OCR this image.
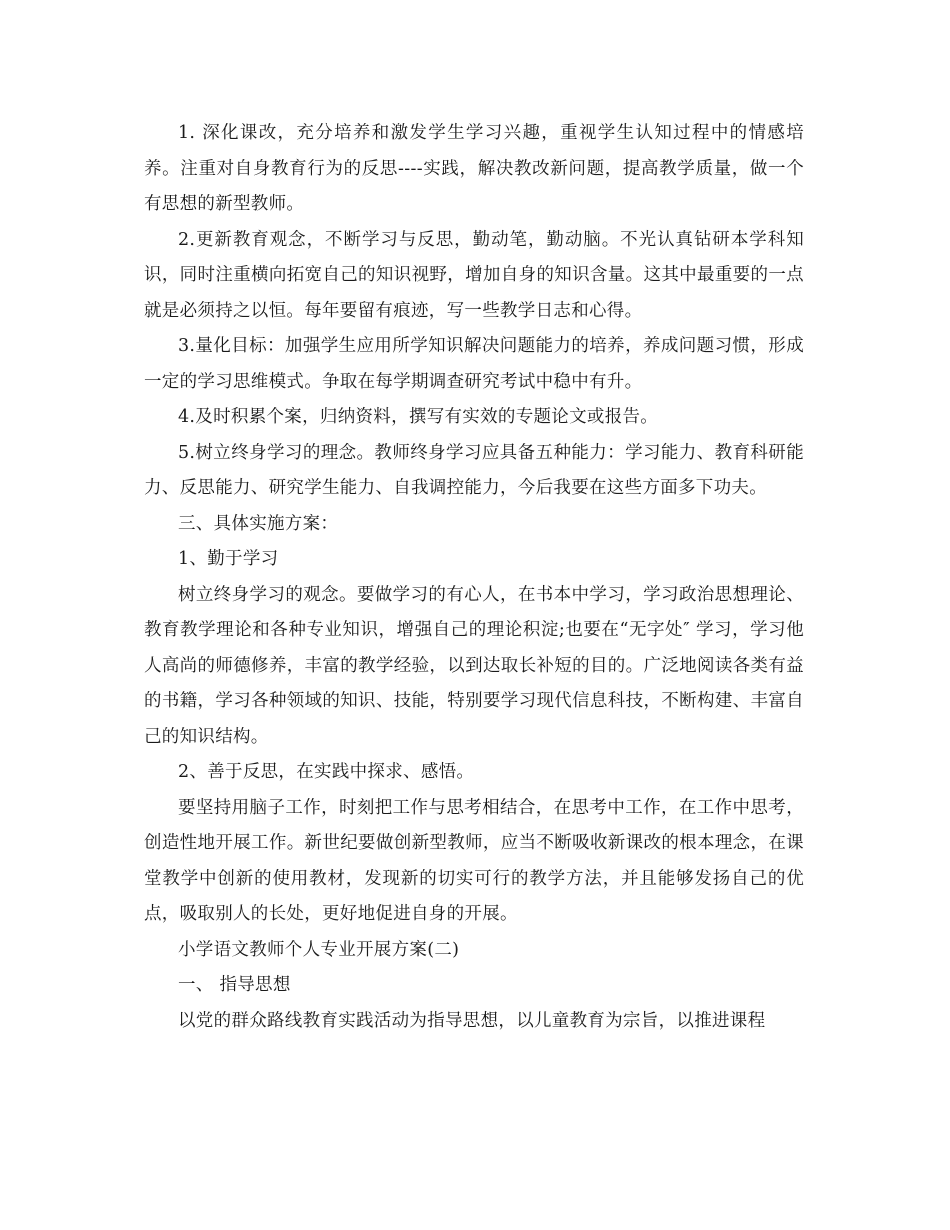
1. 深化课改，充分培养和激发学生学习兴趣，重视学生认知过程中的情感培养。注重对自身教育行为的反思----实践，解决教改新问题，提高教学质量，做一个有思想的新型教师。

2.更新教育观念，不断学习与反思，勤动笔，勤动脑。不光认真钻研本学科知识，同时注重横向拓宽自己的知识视野，增加自身的知识含量。这其中最重要的一点就是必须持之以恒。每年要留有痕迹，写一些教学日志和心得。

3.量化目标：加强学生应用所学知识解决问题能力的培养，养成问题习惯，形成一定的学习思维模式。争取在每学期调查研究考试中稳中有升。

4.及时积累个案，归纳资料，撰写有实效的专题论文或报告。

5.树立终身学习的理念。教师终身学习应具备五种能力：学习能力、教育科研能力、反思能力、研究学生能力、自我调控能力，今后我要在这些方面多下功夫。

三、具体实施方案：

1、勤于学习

树立终身学习的观念。要做学习的有心人，在书本中学习，学习政治思想理论、教育教学理论和各种专业知识，增强自己的理论积淀;也要在“无字处″ 学习，学习他人高尚的师德修养，丰富的教学经验，以到达取长补短的目的。广泛地阅读各类有益的书籍，学习各种领域的知识、技能，特别要学习现代信息科技，不断构建、丰富自己的知识结构。

2、善于反思，在实践中探求、感悟。

要坚持用脑子工作，时刻把工作与思考相结合，在思考中工作，在工作中思考，创造性地开展工作。新世纪要做创新型教师，应当不断吸收新课改的根本理念，在课堂教学中创新的使用教材，发现新的切实可行的教学方法，并且能够发扬自己的优点，吸取别人的长处，更好地促进自身的开展。

小学语文教师个人专业开展方案(二)

一、 指导思想

以党的群众路线教育实践活动为指导思想，以儿童教育为宗旨，以推进课程
